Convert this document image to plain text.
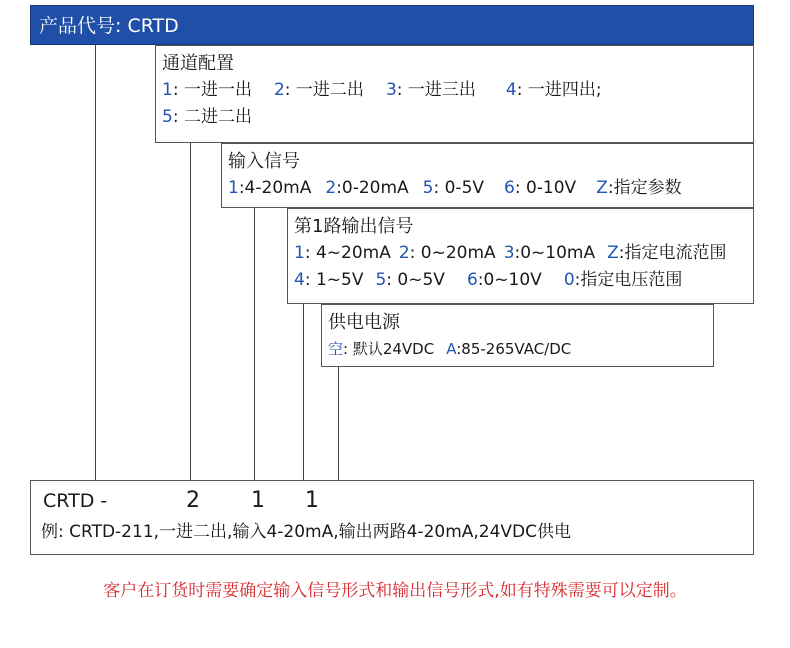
产品代号: CRTD
通道配置
1: 一进一出 2: 一进二出 3: 一进三出 4: 一进四出;
5: 二进二出
输入信号
1:4-20mA 2:0-20mA 5: 0-5V 6: 0-10V Z:指定参数
第1路输出信号
1: 4~20mA 2: 0~20mA 3:0~10mA Z:指定电流范围
4: 1~5V 5: 0~5V 6:0~10V 0:指定电压范围
供电电源
空: 默认24VDC A:85-265VAC/DC
CRTD -	2 1 1
例: CRTD-211,一进二出,输入4-20mA,输出两路4-20mA,24VDC供电
客户在订货时需要确定输入信号形式和输出信号形式,如有特殊需要可以定制。
